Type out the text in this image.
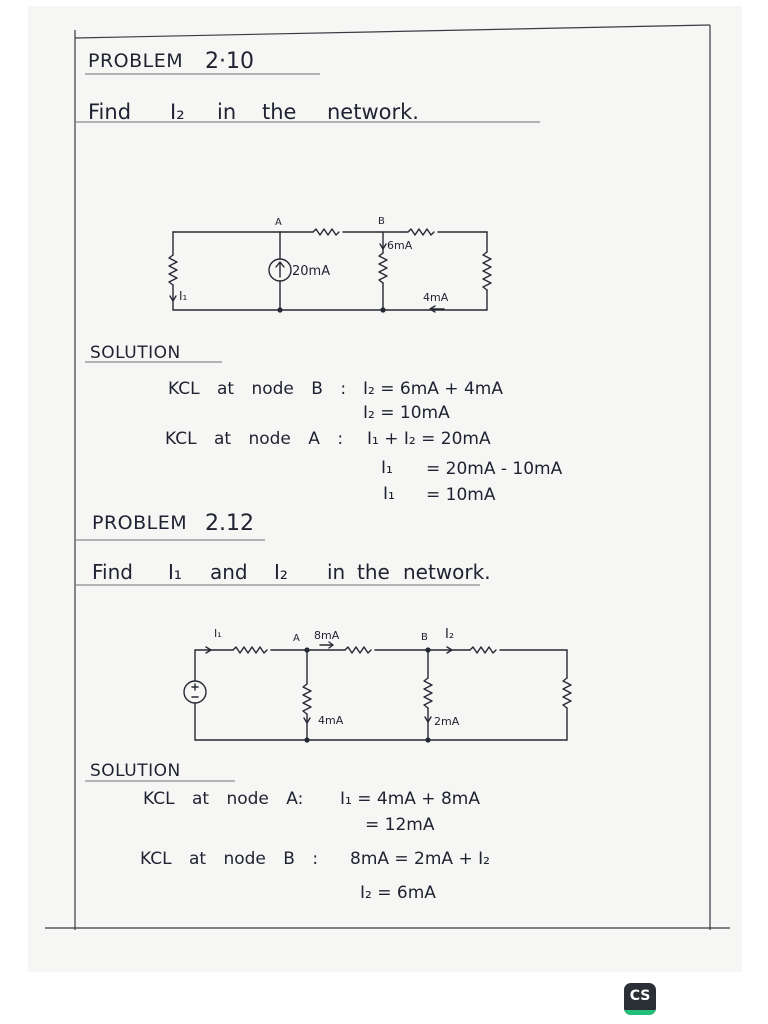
I₁
20mA
6mA
4mA
A	B
I₁
4mA	2mA
A 8mA	B I₂
PROBLEM 2·10
Find I₂ in the network.
SOLUTION
KCL at node B : I₂ = 6mA + 4mA
I₂ = 10mA
KCL at node A : I₁ + I₂ = 20mA
I₁ = 20mA - 10mA
I₁ = 10mA
PROBLEM 2.12
Find I₁ and I₂ in the network.
SOLUTION
KCL at node A: I₁ = 4mA + 8mA
= 12mA
KCL at node B : 8mA = 2mA + I₂
I₂ = 6mA
CS
